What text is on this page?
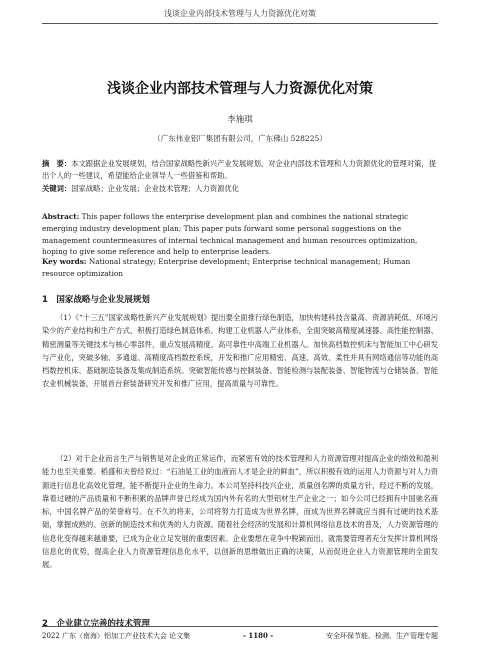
浅谈企业内部技术管理与人力资源优化对策
浅谈企业内部技术管理与人力资源优化对策
李施琪
（广东伟业铝厂集团有限公司，广东佛山 528225）
摘　要：本文跟据企业发展规划，结合国家战略性新兴产业发展规划，对企业内部技术管理和人力资源优化的管理对策，提出个人的一些建议，希望能给企业领导人一些借鉴和帮助。
关键词：国家战略；企业发展；企业技术管理；人力资源优化
Abstract: This paper follows the enterprise development plan and combines the national strategic emerging industry development plan; This paper puts forward some personal suggestions on the management countermeasures of internal technical management and human resources optimization, hoping to give some reference and help to enterprise leaders.
Key words: National strategy; Enterprise development; Enterprise technical management; Human resource optimization
1　国家战略与企业发展规划
（1）《“十三五”国家战略性新兴产业发展规划》提出要全面推行绿色制造，加快构建科技含量高、资源消耗低、环境污染少的产业结构和生产方式，积极打造绿色制造体系。构建工业机器人产业体系，全面突破高精度减速器、高性能控制器、精密测量等关键技术与核心零部件，重点发展高精度、高可靠性中高端工业机器人。加快高档数控机床与智能加工中心研发与产业化，突破多轴、多通道、高精度高档数控系统，开发和推广应用精密、高速、高效、柔性并具有网络通信等功能的高档数控机床、基础制造装备及集成制造系统。突破智能传感与控制装备、智能检测与装配装备、智能物流与仓储装备、智能农业机械装备，开展首台套装备研究开发和推广应用，提高质量与可靠性。
（2）对于企业而言生产与销售是对企业的正常运作，而紧密有效的技术管理和人力资源管理对提高企业的绩效和盈利能力也至关重要。稻盛和夫曾经说过：“石油是工业的血液而人才是企业的鲜血”，所以积极有效的运用人力资源与对人力资源进行信息化高效化管理，能不断提升企业的生命力。本公司坚持科技兴企业，质量创名牌的质量方针，经过不断的发展，靠着过硬的产品质量和不断积累的品牌声誉已经成为国内外有名的大型铝材生产企业之一；如今公司已经拥有中国驰名商标，中国名牌产品的荣誉称号。在不久的将来，公司将努力打造成为世界名牌，而成为世界名牌就应当拥有过硬的技术基础，掌握成熟的、创新的制造技术和优秀的人力资源。随着社会经济的发展和计算机网络信息技术的普及，人力资源管理的信息化变得越来越重要，已成为企业立足发展的重要因素。企业要想在竞争中脱颖而出，就需要管理者充分发挥计算机网络信息化的优势，提高企业人力资源管理信息化水平，以创新的思维做出正确的决策，从而促进企业人力资源管理的全面发展。
2　企业建立完善的技术管理
2022 广东（南海）铝加工产业技术大会 论文集	- 1180 -	安全环保节能、检测、生产管理专题
